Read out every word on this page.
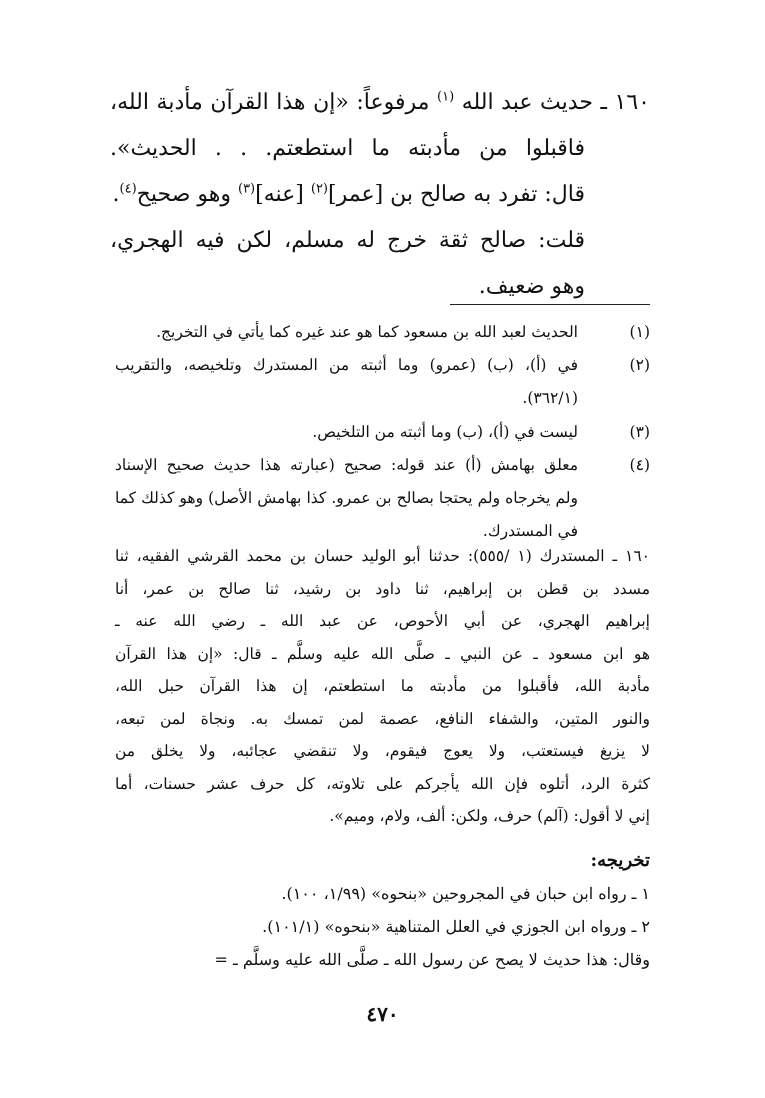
١٦٠ ـ حديث عبد الله $^{(١)}$ مرفوعاً: «إن هذا القرآن مأدبة الله،
فاقبلوا من مأدبته ما استطعتم. . . الحديث».
قال: تفرد به صالح بن [عمر]$^{(٢)}$ [عنه]$^{(٣)}$ وهو صحيح$^{(٤)}$.
قلت: صالح ثقة خرج له مسلم، لكن فيه الهجري،
وهو ضعيف.
(١)
الحديث لعبد الله بن مسعود كما هو عند غيره كما يأتي في التخريج.
(٢)
في (أ)، (ب) (عمرو) وما أثبته من المستدرك وتلخيصه، والتقريب
(٣٦٢/١).
(٣)
ليست في (أ)، (ب) وما أثبته من التلخيص.
(٤)
معلق بهامش (أ) عند قوله: صحيح (عبارته هذا حديث صحيح الإسناد
ولم يخرجاه ولم يحتجا بصالح بن عمرو. كذا بهامش الأصل) وهو كذلك كما
في المستدرك.
١٦٠ ـ المستدرك (١ /٥٥٥): حدثنا أبو الوليد حسان بن محمد القرشي الفقيه، ثنا
مسدد بن قطن بن إبراهيم، ثنا داود بن رشيد، ثنا صالح بن عمر، أنا
إبراهيم الهجري، عن أبي الأحوص، عن عبد الله ـ رضي الله عنه ـ
هو ابن مسعود ـ عن النبي ـ صلَّى الله عليه وسلَّم ـ قال: «إن هذا القرآن
مأدبة الله، فأقبلوا من مأدبته ما استطعتم، إن هذا القرآن حبل الله،
والنور المتين، والشفاء النافع، عصمة لمن تمسك به. ونجاة لمن تبعه،
لا يزيغ فيستعتب، ولا يعوج فيقوم، ولا تنقضي عجائبه، ولا يخلق من
كثرة الرد، أتلوه فإن الله يأجركم على تلاوته، كل حرف عشر حسنات، أما
إني لا أقول: (آلم) حرف، ولكن: ألف، ولام، وميم».
تخريجه:
١ ـ رواه ابن حبان في المجروحين «بنحوه» (١/٩٩، ١٠٠).
٢ ـ ورواه ابن الجوزي في العلل المتناهية «بنحوه» (١٠١/١).
وقال: هذا حديث لا يصح عن رسول الله ـ صلَّى الله عليه وسلَّم ـ =
٤٧٠
